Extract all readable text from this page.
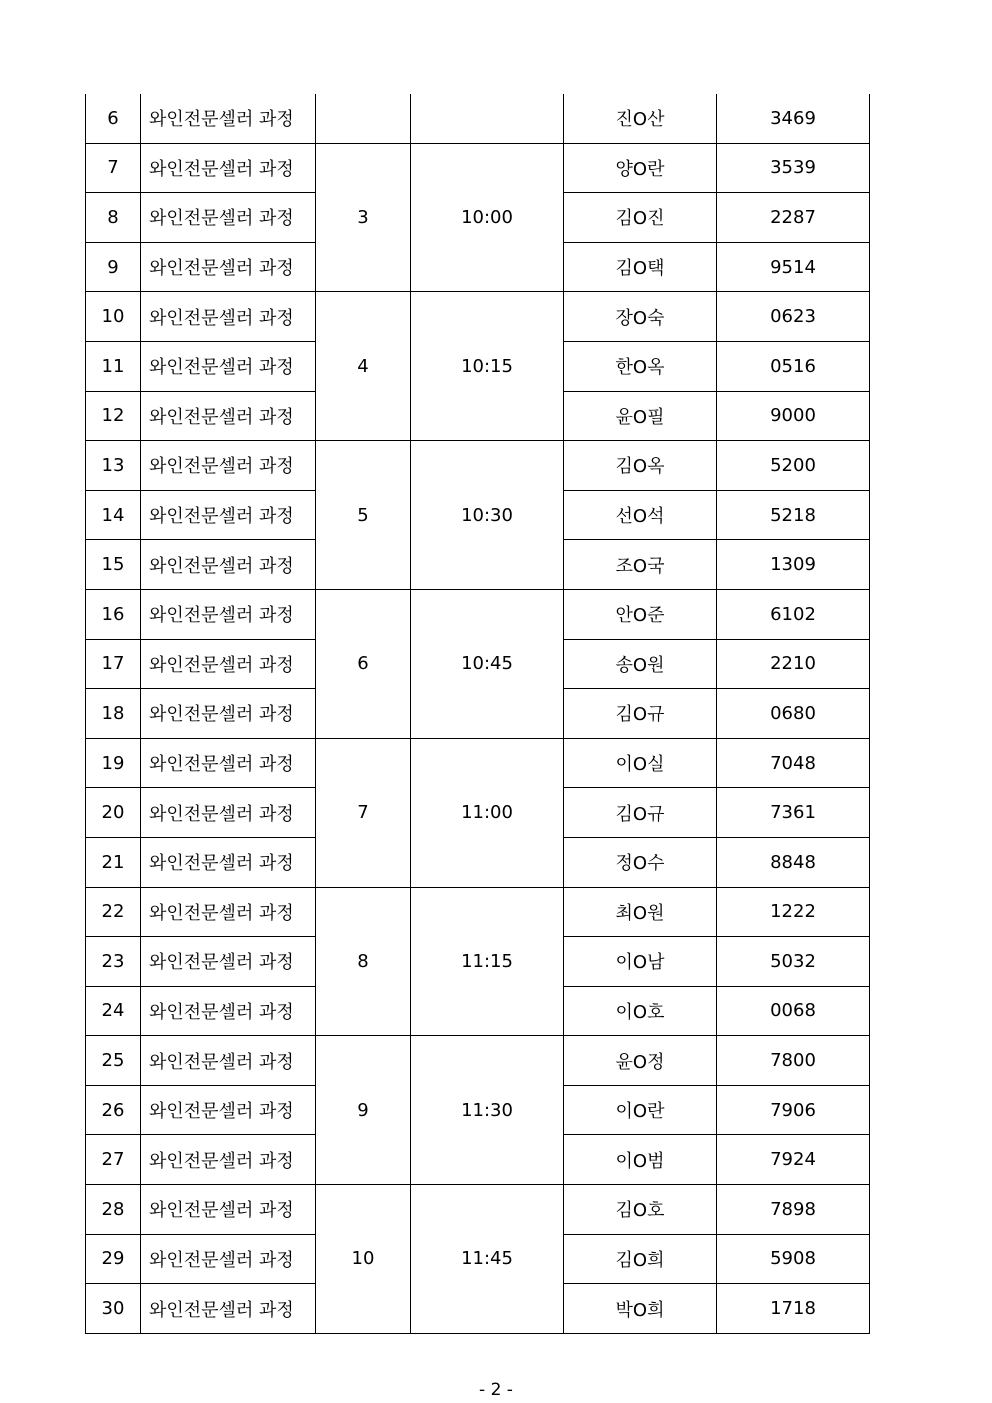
6	와인전문셀러 과정			진O산	3469
7	와인전문셀러 과정	3	10:00	양O란	3539
8	와인전문셀러 과정			김O진	2287
9	와인전문셀러 과정			김O택	9514
10	와인전문셀러 과정	4	10:15	장O숙	0623
11	와인전문셀러 과정			한O옥	0516
12	와인전문셀러 과정			윤O필	9000
13	와인전문셀러 과정	5	10:30	김O옥	5200
14	와인전문셀러 과정			선O석	5218
15	와인전문셀러 과정			조O국	1309
16	와인전문셀러 과정	6	10:45	안O준	6102
17	와인전문셀러 과정			송O원	2210
18	와인전문셀러 과정			김O규	0680
19	와인전문셀러 과정	7	11:00	이O실	7048
20	와인전문셀러 과정			김O규	7361
21	와인전문셀러 과정			정O수	8848
22	와인전문셀러 과정	8	11:15	최O원	1222
23	와인전문셀러 과정			이O남	5032
24	와인전문셀러 과정			이O호	0068
25	와인전문셀러 과정	9	11:30	윤O정	7800
26	와인전문셀러 과정			이O란	7906
27	와인전문셀러 과정			이O범	7924
28	와인전문셀러 과정	10	11:45	김O호	7898
29	와인전문셀러 과정			김O희	5908
30	와인전문셀러 과정			박O희	1718
- 2 -
